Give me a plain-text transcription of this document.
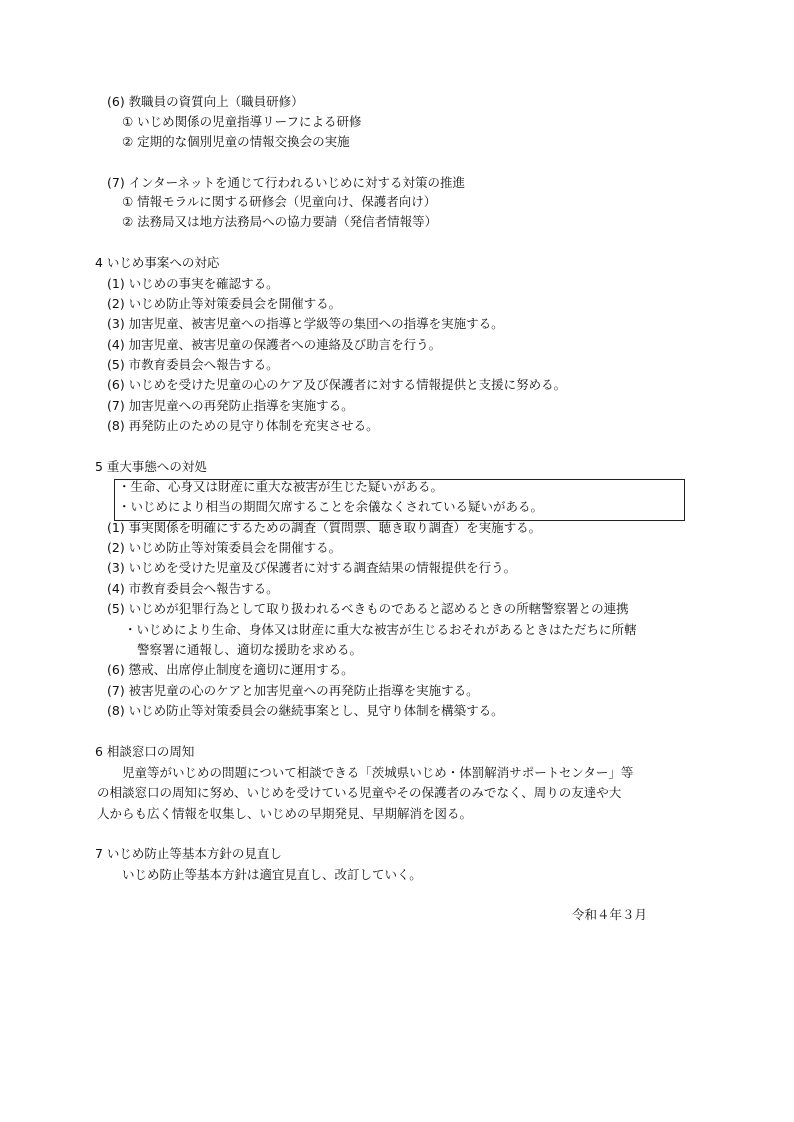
(6) 教職員の資質向上（職員研修）
① いじめ関係の児童指導リーフによる研修
② 定期的な個別児童の情報交換会の実施
(7) インターネットを通じて行われるいじめに対する対策の推進
① 情報モラルに関する研修会（児童向け、保護者向け）
② 法務局又は地方法務局への協力要請（発信者情報等）
4 いじめ事案への対応
(1) いじめの事実を確認する。
(2) いじめ防止等対策委員会を開催する。
(3) 加害児童、被害児童への指導と学級等の集団への指導を実施する。
(4) 加害児童、被害児童の保護者への連絡及び助言を行う。
(5) 市教育委員会へ報告する。
(6) いじめを受けた児童の心のケア及び保護者に対する情報提供と支援に努める。
(7) 加害児童への再発防止指導を実施する。
(8) 再発防止のための見守り体制を充実させる。
5 重大事態への対処
・生命、心身又は財産に重大な被害が生じた疑いがある。
・いじめにより相当の期間欠席することを余儀なくされている疑いがある。
(1) 事実関係を明確にするための調査（質問票、聴き取り調査）を実施する。
(2) いじめ防止等対策委員会を開催する。
(3) いじめを受けた児童及び保護者に対する調査結果の情報提供を行う。
(4) 市教育委員会へ報告する。
(5) いじめが犯罪行為として取り扱われるべきものであると認めるときの所轄警察署との連携
・いじめにより生命、身体又は財産に重大な被害が生じるおそれがあるときはただちに所轄
警察署に通報し、適切な援助を求める。
(6) 懲戒、出席停止制度を適切に運用する。
(7) 被害児童の心のケアと加害児童への再発防止指導を実施する。
(8) いじめ防止等対策委員会の継続事案とし、見守り体制を構築する。
6 相談窓口の周知
児童等がいじめの問題について相談できる「茨城県いじめ・体罰解消サポートセンター」等
の相談窓口の周知に努め、いじめを受けている児童やその保護者のみでなく、周りの友達や大
人からも広く情報を収集し、いじめの早期発見、早期解消を図る。
7 いじめ防止等基本方針の見直し
いじめ防止等基本方針は適宜見直し、改訂していく。
令和４年３月
